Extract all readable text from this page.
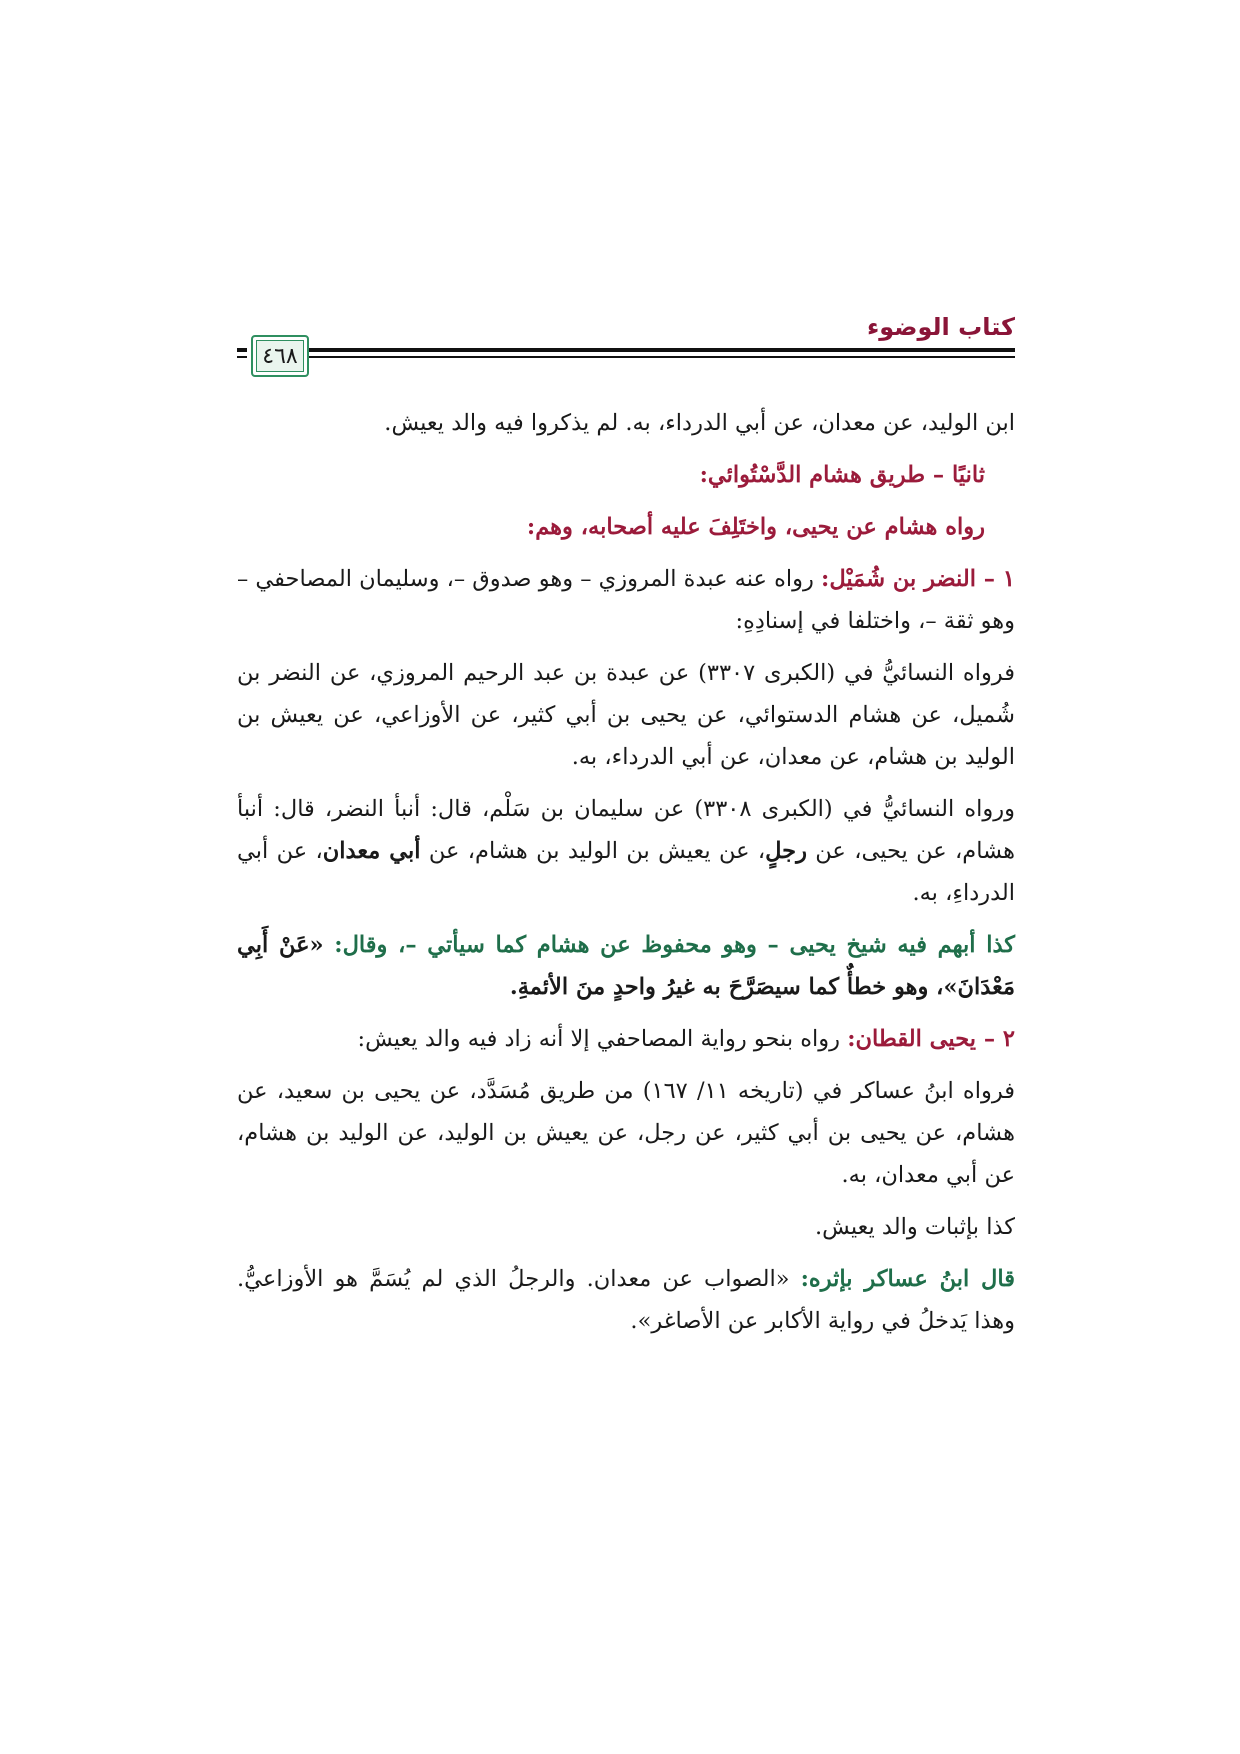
كتاب الوضوء
٤٦٨

ابن الوليد، عن معدان، عن أبي الدرداء، به. لم يذكروا فيه والد يعيش.

ثانيًا – طريق هشام الدَّسْتُوائي:

رواه هشام عن يحيى، واختَلِفَ عليه أصحابه، وهم:

١ – النضر بن شُمَيْل: رواه عنه عبدة المروزي – وهو صدوق –، وسليمان المصاحفي – وهو ثقة –، واختلفا في إسنادِهِ:

فرواه النسائيُّ في (الكبرى ٣٣٠٧) عن عبدة بن عبد الرحيم المروزي، عن النضر بن شُميل، عن هشام الدستوائي، عن يحيى بن أبي كثير، عن الأوزاعي، عن يعيش بن الوليد بن هشام، عن معدان، عن أبي الدرداء، به.

ورواه النسائيُّ في (الكبرى ٣٣٠٨) عن سليمان بن سَلْم، قال: أنبأ النضر، قال: أنبأ هشام، عن يحيى، عن رجلٍ، عن يعيش بن الوليد بن هشام، عن أبي معدان، عن أبي الدرداءِ، به.

كذا أبهم فيه شيخ يحيى – وهو محفوظ عن هشام كما سيأتي –، وقال: «عَنْ أَبِي مَعْدَانَ»، وهو خطأٌ كما سيصَرَّحَ به غيرُ واحدٍ منَ الأئمةِ.

٢ – يحيى القطان: رواه بنحو رواية المصاحفي إلا أنه زاد فيه والد يعيش:

فرواه ابنُ عساكر في (تاريخه ١١/ ١٦٧) من طريق مُسَدَّد، عن يحيى بن سعيد، عن هشام، عن يحيى بن أبي كثير، عن رجل، عن يعيش بن الوليد، عن الوليد بن هشام، عن أبي معدان، به.

كذا بإثبات والد يعيش.

قال ابنُ عساكر بإثره: «الصواب عن معدان. والرجلُ الذي لم يُسَمَّ هو الأوزاعيُّ. وهذا يَدخلُ في رواية الأكابر عن الأصاغر».
